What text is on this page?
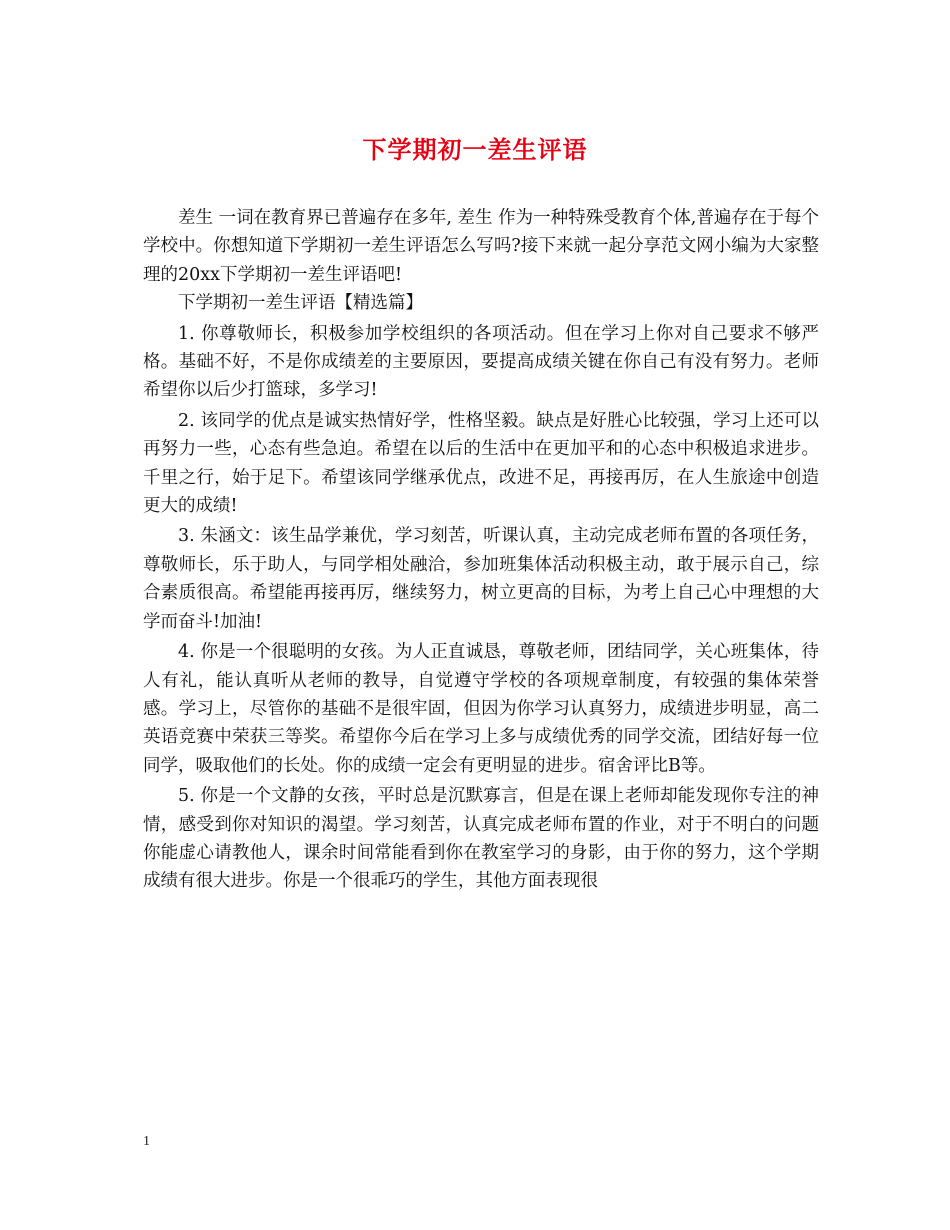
下学期初一差生评语

差生 一词在教育界已普遍存在多年, 差生 作为一种特殊受教育个体,普遍存在于每个学校中。你想知道下学期初一差生评语怎么写吗?接下来就一起分享范文网小编为大家整理的20xx下学期初一差生评语吧!

下学期初一差生评语【精选篇】

1. 你尊敬师长，积极参加学校组织的各项活动。但在学习上你对自己要求不够严格。基础不好，不是你成绩差的主要原因，要提高成绩关键在你自己有没有努力。老师希望你以后少打篮球，多学习!

2. 该同学的优点是诚实热情好学，性格坚毅。缺点是好胜心比较强，学习上还可以再努力一些，心态有些急迫。希望在以后的生活中在更加平和的心态中积极追求进步。千里之行，始于足下。希望该同学继承优点，改进不足，再接再厉，在人生旅途中创造更大的成绩!

3. 朱涵文：该生品学兼优，学习刻苦，听课认真，主动完成老师布置的各项任务，尊敬师长，乐于助人，与同学相处融洽，参加班集体活动积极主动，敢于展示自己，综合素质很高。希望能再接再厉，继续努力，树立更高的目标，为考上自己心中理想的大学而奋斗!加油!

4. 你是一个很聪明的女孩。为人正直诚恳，尊敬老师，团结同学，关心班集体，待人有礼，能认真听从老师的教导，自觉遵守学校的各项规章制度，有较强的集体荣誉感。学习上，尽管你的基础不是很牢固，但因为你学习认真努力，成绩进步明显，高二英语竞赛中荣获三等奖。希望你今后在学习上多与成绩优秀的同学交流，团结好每一位同学，吸取他们的长处。你的成绩一定会有更明显的进步。宿舍评比B等。

5. 你是一个文静的女孩，平时总是沉默寡言，但是在课上老师却能发现你专注的神情，感受到你对知识的渴望。学习刻苦，认真完成老师布置的作业，对于不明白的问题你能虚心请教他人，课余时间常能看到你在教室学习的身影，由于你的努力，这个学期成绩有很大进步。你是一个很乖巧的学生，其他方面表现很

1
